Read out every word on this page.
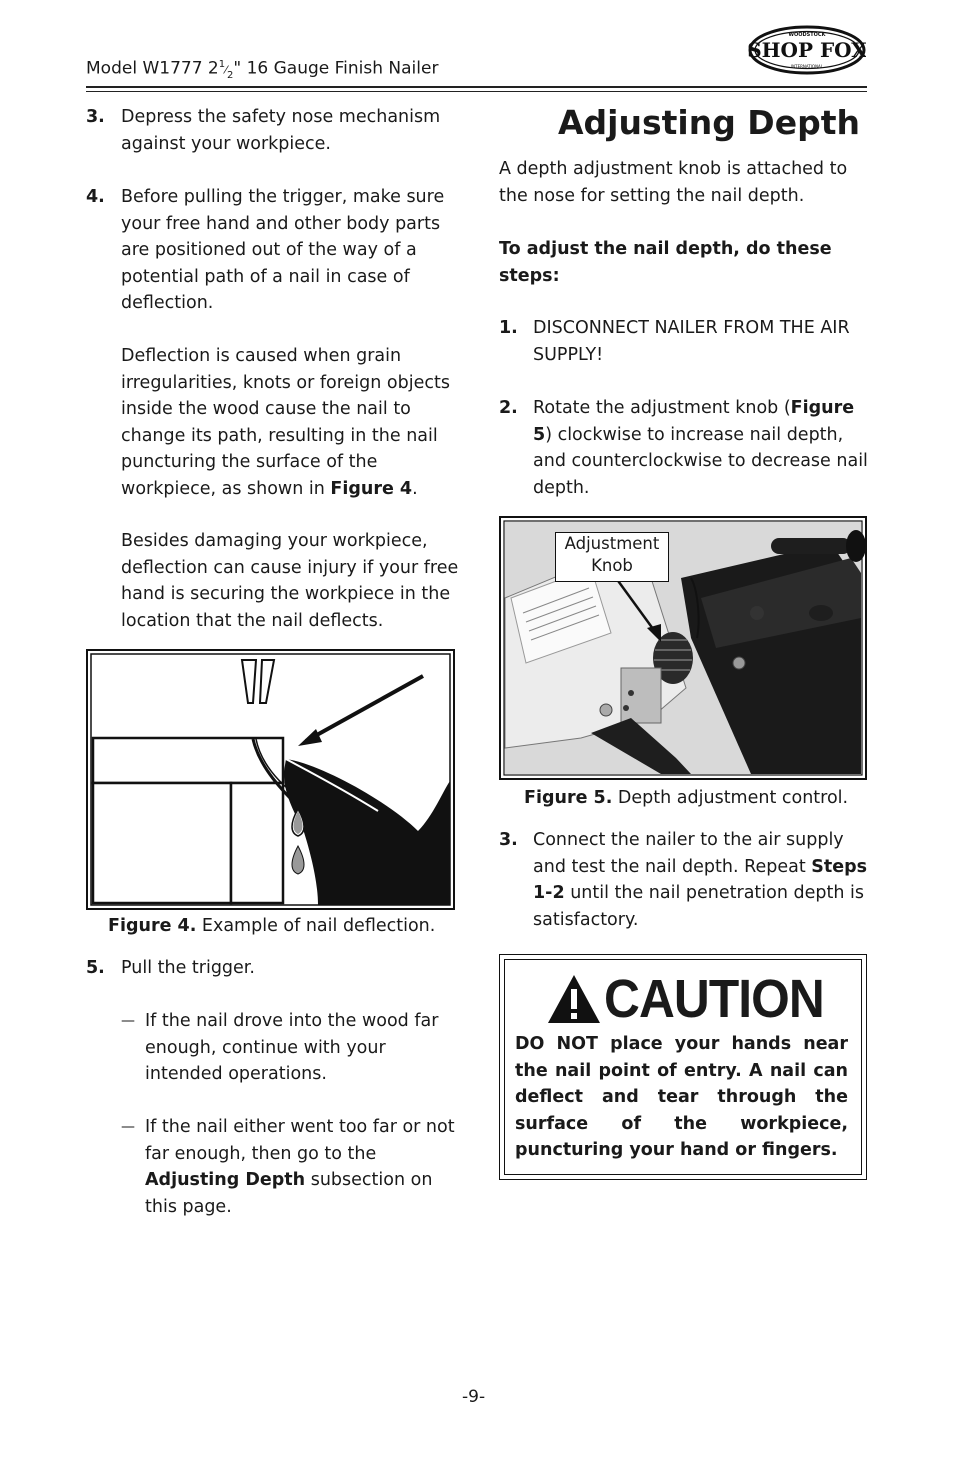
Model W1777 $2^1⁄_2$" 16 Gauge Finish Nailer
WOODSTOCK
SHOP FOX
INTERNATIONAL
3. Depress the safety nose mechanism against your workpiece.
4. Before pulling the trigger, make sure your free hand and other body parts are positioned out of the way of a potential path of a nail in case of deflection.
Deflection is caused when grain irregularities, knots or foreign objects inside the wood cause the nail to change its path, resulting in the nail puncturing the surface of the workpiece, as shown in Figure 4.
Besides damaging your workpiece, deflection can cause injury if your free hand is securing the workpiece in the location that the nail deflects.
Figure 4. Example of nail deflection.
5. Pull the trigger.
— If the nail drove into the wood far enough, continue with your intended operations.
— If the nail either went too far or not far enough, then go to the Adjusting Depth subsection on this page.
Adjusting Depth
A depth adjustment knob is attached to the nose for setting the nail depth.
To adjust the nail depth, do these steps:
1. DISCONNECT NAILER FROM THE AIR SUPPLY!
2. Rotate the adjustment knob (Figure 5) clockwise to increase nail depth, and counterclockwise to decrease nail depth.
Adjustment
Knob
Figure 5. Depth adjustment control.
3. Connect the nailer to the air supply and test the nail depth. Repeat Steps 1-2 until the nail penetration depth is satisfactory.
CAUTION
DO NOT place your hands near the nail point of entry. A nail can deflect and tear through the surface of the workpiece, puncturing your hand or fingers.
-9-
